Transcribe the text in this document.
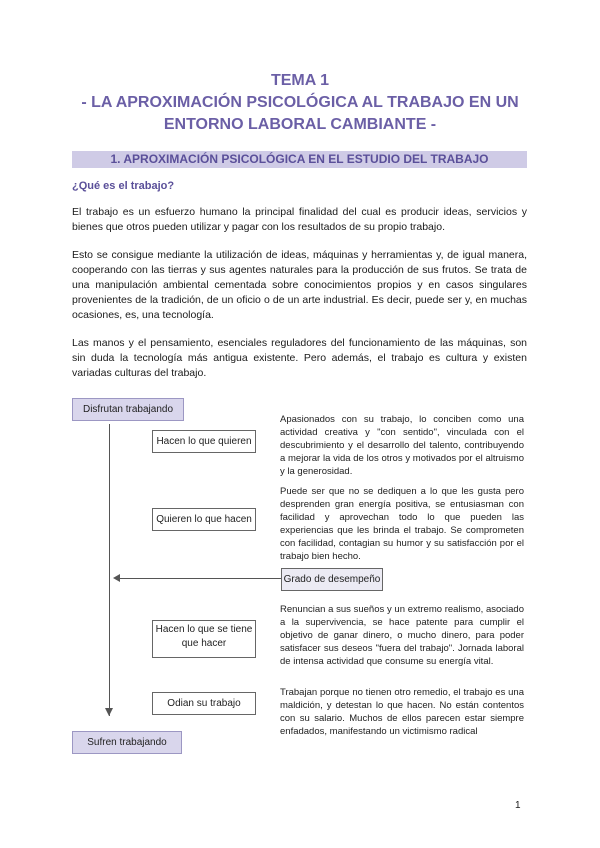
TEMA 1
- LA APROXIMACIÓN PSICOLÓGICA AL TRABAJO EN UN
ENTORNO LABORAL CAMBIANTE -
1. APROXIMACIÓN PSICOLÓGICA EN EL ESTUDIO DEL TRABAJO
¿Qué es el trabajo?

El trabajo es un esfuerzo humano la principal finalidad del cual es producir ideas, servicios y bienes que otros pueden utilizar y pagar con los resultados de su propio trabajo.

Esto se consigue mediante la utilización de ideas, máquinas y herramientas y, de igual manera, cooperando con las tierras y sus agentes naturales para la producción de sus frutos. Se trata de una manipulación ambiental cementada sobre conocimientos propios y en casos singulares provenientes de la tradición, de un oficio o de un arte industrial. Es decir, puede ser y, en muchas ocasiones, es, una tecnología.

Las manos y el pensamiento, esenciales reguladores del funcionamiento de las máquinas, son sin duda la tecnología más antigua existente. Pero además, el trabajo es cultura y existen variadas culturas del trabajo.

Disfrutan trabajando
Hacen lo que quieren
Quieren lo que hacen
Grado de desempeño
Hacen lo que se tiene que hacer
Odian su trabajo
Sufren trabajando

Apasionados con su trabajo, lo conciben como una actividad creativa y "con sentido", vinculada con el descubrimiento y el desarrollo del talento, contribuyendo a mejorar la vida de los otros y motivados por el altruismo y la generosidad.

Puede ser que no se dediquen a lo que les gusta pero desprenden gran energía positiva, se entusiasman con facilidad y aprovechan todo lo que pueden las experiencias que les brinda el trabajo. Se comprometen con facilidad, contagian su humor y su satisfacción por el trabajo bien hecho.

Renuncian a sus sueños y un extremo realismo, asociado a la supervivencia, se hace patente para cumplir el objetivo de ganar dinero, o mucho dinero, para poder satisfacer sus deseos "fuera del trabajo". Jornada laboral de intensa actividad que consume su energía vital.

Trabajan porque no tienen otro remedio, el trabajo es una maldición, y detestan lo que hacen. No están contentos con su salario. Muchos de ellos parecen estar siempre enfadados, manifestando un victimismo radical

1
